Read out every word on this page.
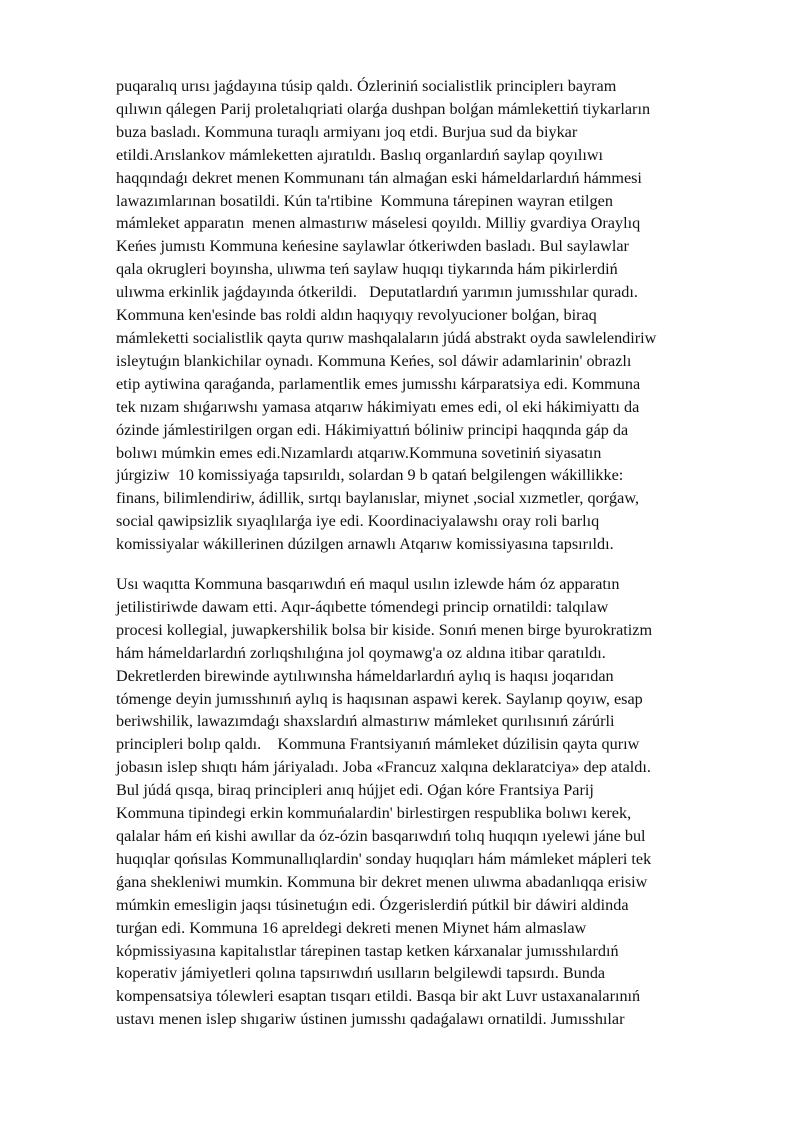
puqaralıq urısı jaǵdayına túsip qaldı. Ózleriniń socialistlik principlerı bayram
qılıwın qálegen Parij proletalıqriati olarǵa dushpan bolǵan mámlekettiń tiykarların
buza basladı. Kommuna turaqlı armiyanı joq etdi. Burjua sud da biykar
etildi.Arıslankov mámleketten ajıratıldı. Baslıq organlardıń saylap qoyılıwı
haqqındaǵı dekret menen Kommunanı tán almaǵan eski hámeldarlardıń hámmesi
lawazımlarınan bosatildi. Kún ta'rtibine  Kommuna tárepinen wayran etilgen
mámleket apparatın  menen almastırıw máselesi qoyıldı. Milliy gvardiya Oraylıq
Keńes jumıstı Kommuna keńesine saylawlar ótkeriwden basladı. Bul saylawlar
qala okrugleri boyınsha, ulıwma teń saylaw huqıqı tiykarında hám pikirlerdiń
ulıwma erkinlik jaǵdayında ótkerildi.   Deputatlardıń yarımın jumısshılar quradı.
Kommuna ken'esinde bas roldi aldın haqıyqıy revolyucioner bolǵan, biraq
mámleketti socialistlik qayta qurıw mashqalaların júdá abstrakt oyda sawlelendiriw
isleytuǵın blankichilar oynadı. Kommuna Keńes, sol dáwir adamlarinin' obrazlı
etip aytiwina qaraǵanda, parlamentlik emes jumısshı kárparatsiya edi. Kommuna
tek nızam shıǵarıwshı yamasa atqarıw hákimiyatı emes edi, ol eki hákimiyattı da
ózinde jámlestirilgen organ edi. Hákimiyattıń bóliniw principi haqqında gáp da
bolıwı múmkin emes edi.Nızamlardı atqarıw.Kommuna sovetiniń siyasatın
júrgiziw  10 komissiyaǵa tapsırıldı, solardan 9 b qatań belgilengen wákillikke:
finans, bilimlendiriw, ádillik, sırtqı baylanıslar, miynet ,social xızmetler, qorǵaw,
social qawipsizlik sıyaqlılarǵa iye edi. Koordinaciyalawshı oray roli barlıq
komissiyalar wákillerinen dúzilgen arnawlı Atqarıw komissiyasına tapsırıldı.
Usı waqıtta Kommuna basqarıwdıń eń maqul usılın izlewde hám óz apparatın
jetilistiriwde dawam etti. Aqır-áqıbette tómendegi princip ornatildi: talqılaw
procesi kollegial, juwapkershilik bolsa bir kiside. Sonıń menen birge byurokratizm
hám hámeldarlardıń zorlıqshılıǵına jol qoymawg'a oz aldına itibar qaratıldı.
Dekretlerden birewinde aytılıwınsha hámeldarlardıń aylıq is haqısı joqarıdan
tómenge deyin jumısshınıń aylıq is haqısınan aspawi kerek. Saylanıp qoyıw, esap
beriwshilik, lawazımdaǵı shaxslardıń almastırıw mámleket qurılısınıń zárúrli
principleri bolıp qaldı.    Kommuna Frantsiyanıń mámleket dúzilisin qayta qurıw
jobasın islep shıqtı hám járiyaladı. Joba «Francuz xalqına deklaratciya» dep ataldı.
Bul júdá qısqa, biraq principleri anıq hújjet edi. Oǵan kóre Frantsiya Parij
Kommuna tipindegi erkin kommuńalardin' birlestirgen respublika bolıwı kerek,
qalalar hám eń kishi awıllar da óz-ózin basqarıwdıń tolıq huqıqın ıyelewi jáne bul
huqıqlar qońsılas Kommunallıqlardin' sonday huqıqları hám mámleket mápleri tek
ǵana shekleniwi mumkin. Kommuna bir dekret menen ulıwma abadanlıqqa erisiw
múmkin emesligin jaqsı túsinetuǵın edi. Ózgerislerdiń pútkil bir dáwiri aldinda
turǵan edi. Kommuna 16 apreldegi dekreti menen Miynet hám almaslaw
kópmissiyasına kapitalıstlar tárepinen tastap ketken kárxanalar jumısshılardıń
koperativ jámiyetleri qolına tapsırıwdıń usılların belgilewdi tapsırdı. Bunda
kompensatsiya tólewleri esaptan tısqarı etildi. Basqa bir akt Luvr ustaxanalarınıń
ustavı menen islep shıgariw ústinen jumısshı qadaǵalawı ornatildi. Jumısshılar
